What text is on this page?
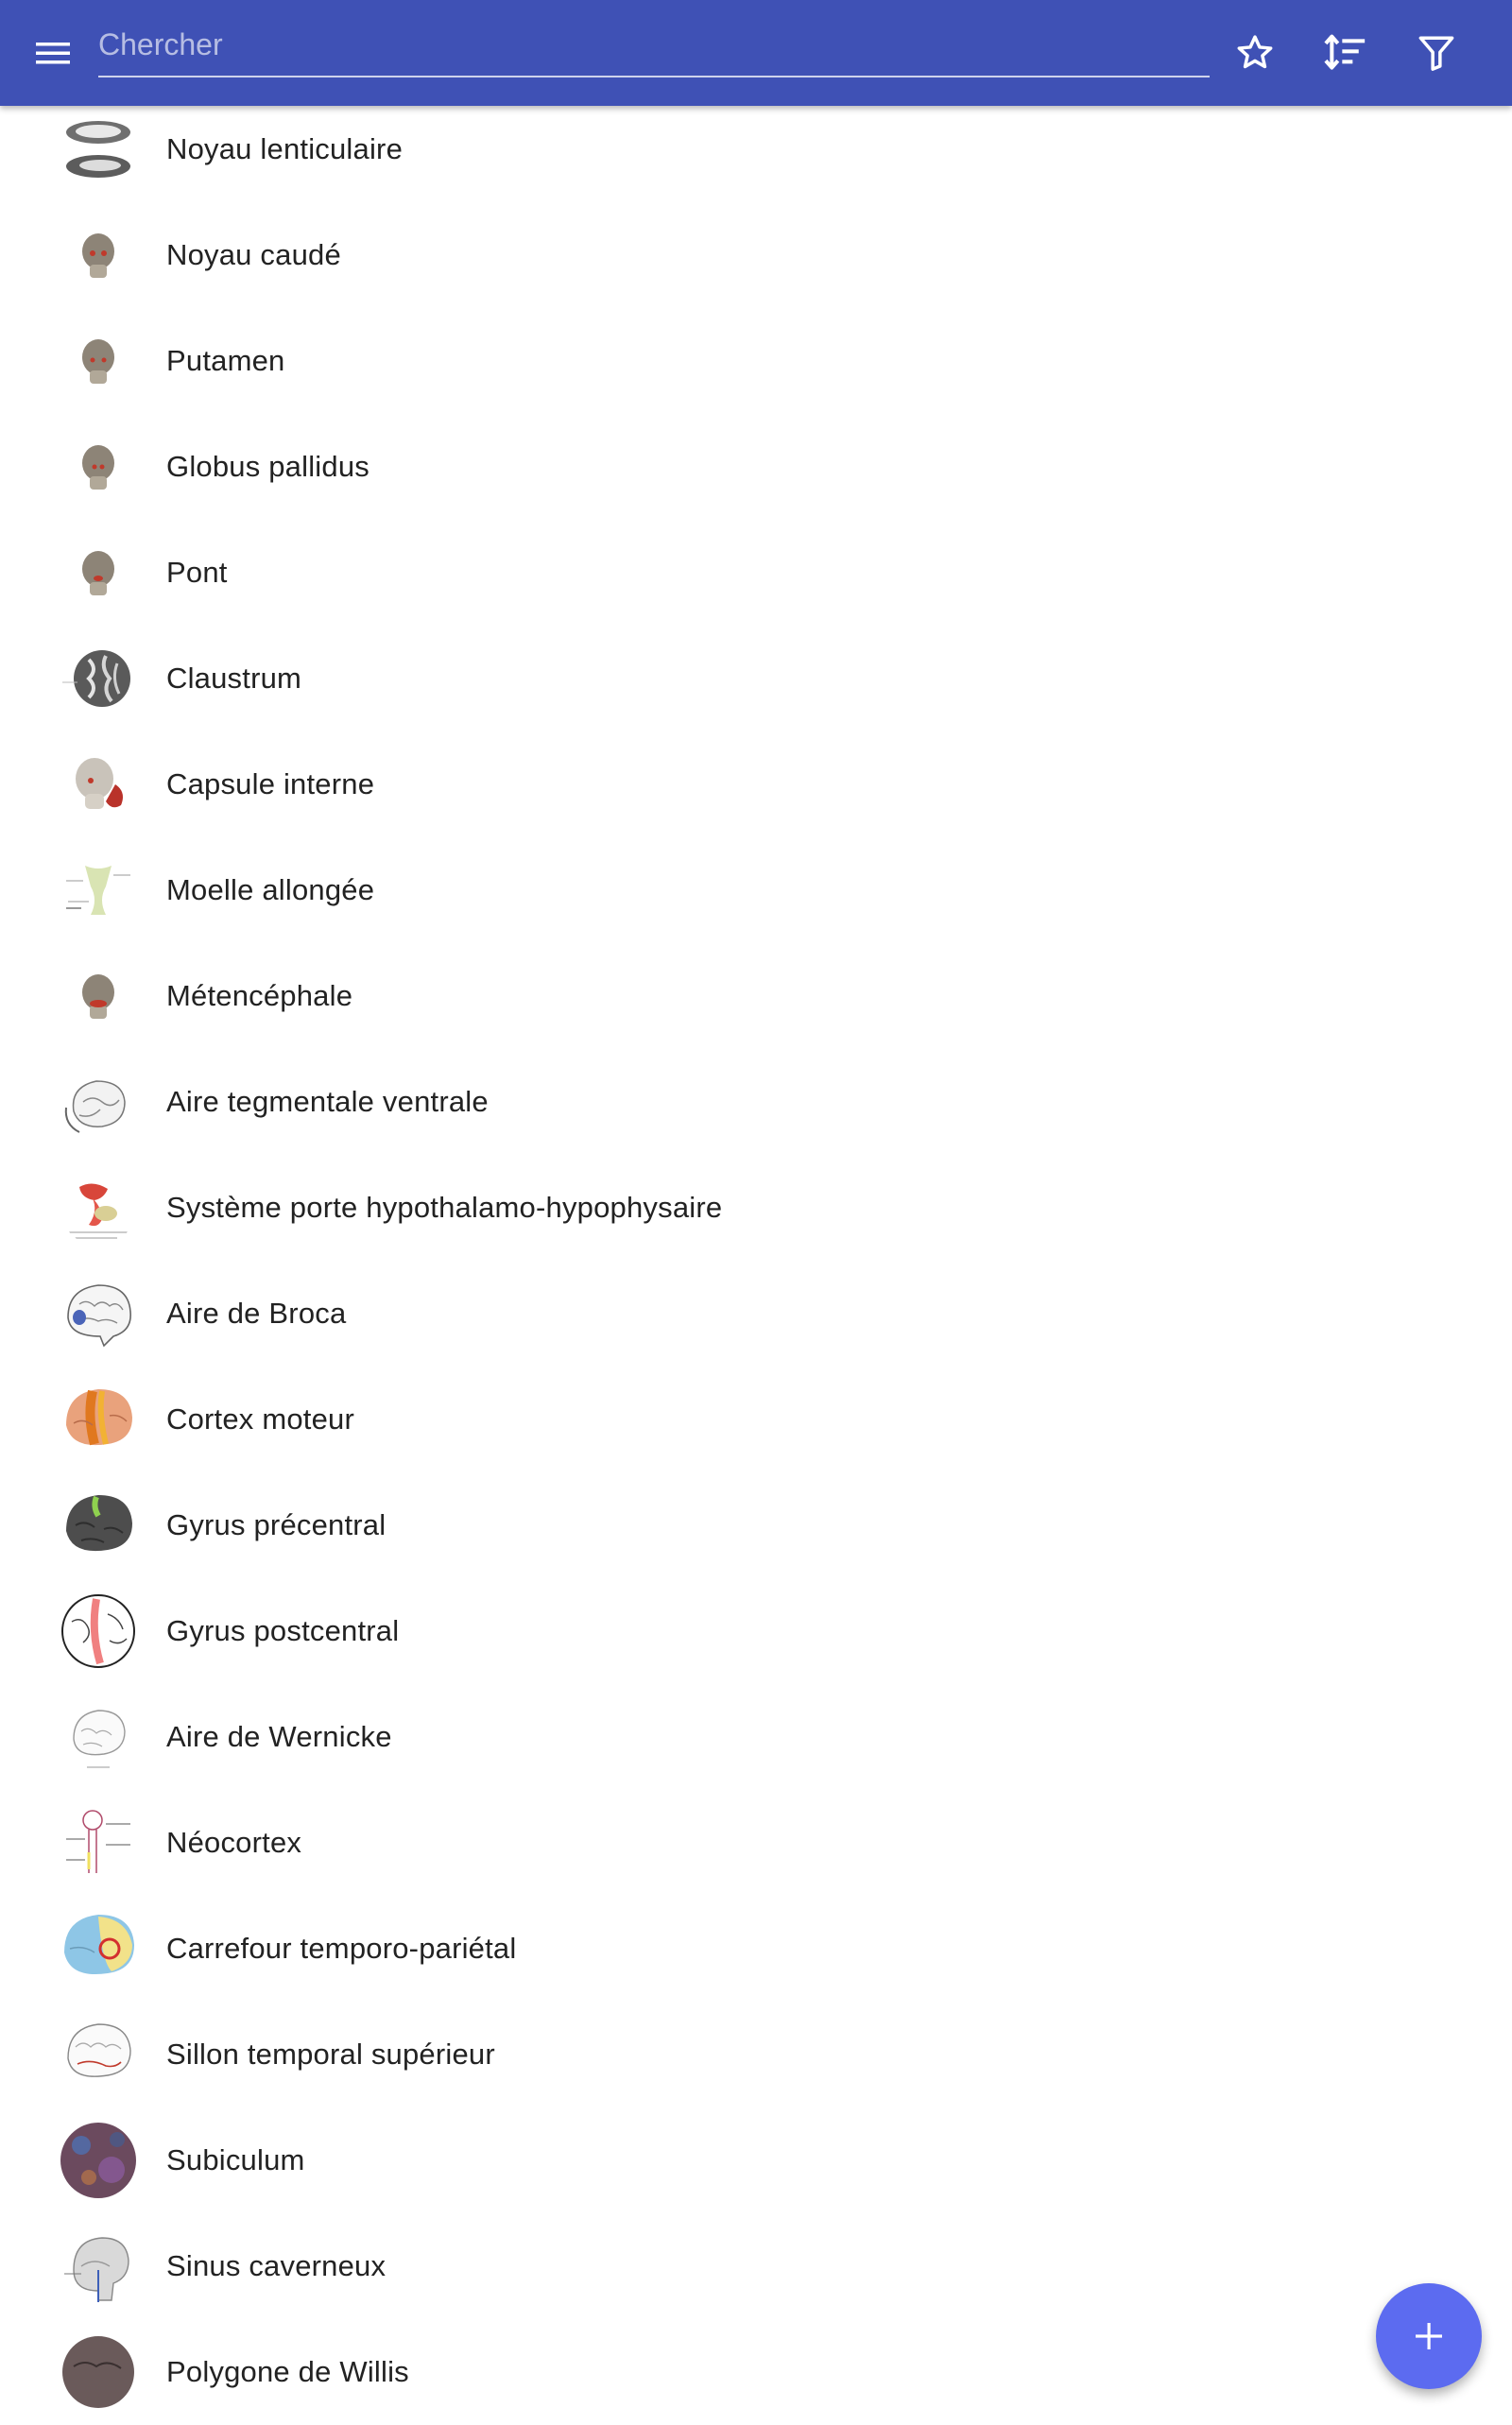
Chercher
Noyau lenticulaire
Noyau caudé
Putamen
Globus pallidus
Pont
Claustrum
Capsule interne
Moelle allongée
Métencéphale
Aire tegmentale ventrale
Système porte hypothalamo-hypophysaire
Aire de Broca
Cortex moteur
Gyrus précentral
Gyrus postcentral
Aire de Wernicke
Néocortex
Carrefour temporo-pariétal
Sillon temporal supérieur
Subiculum
Sinus caverneux
Polygone de Willis
